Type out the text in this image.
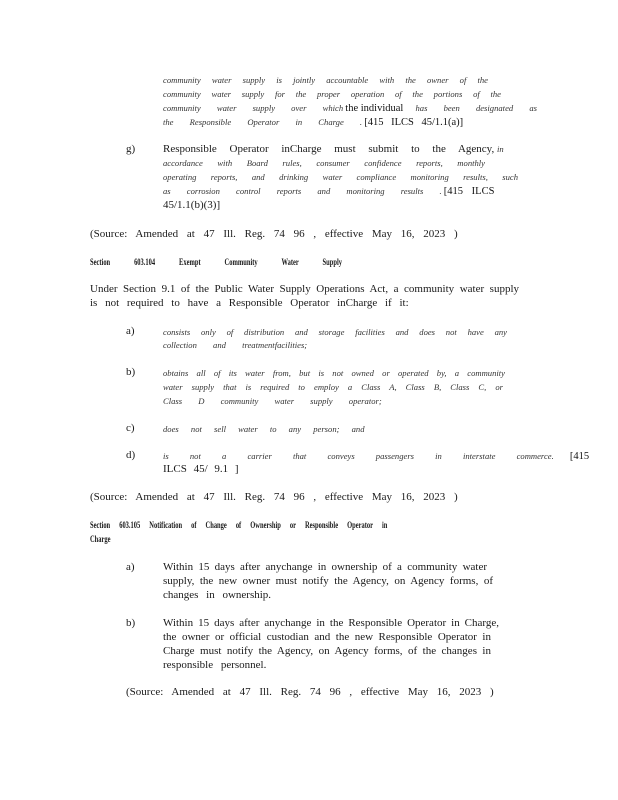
community water supply is jointly accountable with the owner of the

community water supply for the proper operation of the portions of the

community water supply over which the individual has been designated as

the Responsible Operator in Charge . [415 ILCS 45/1.1(a)]

g)	Responsible Operator inCharge must submit to the Agency, in

accordance with Board rules, consumer confidence reports, monthly

operating reports, and drinking water compliance monitoring results, such

as corrosion control reports and monitoring results . [415 ILCS

45/1.1(b)(3)]

(Source: Amended at 47 Ill. Reg. 74 96 , effective May 16, 2023 )

Section 603.104 Exempt Community Water Supply

Under Section 9.1 of the Public Water Supply Operations Act, a community water supply

is not required to have a Responsible Operator inCharge if it:

a)	consists only of distribution and storage facilities and does not have any

collection and treatmentfacilities;

b)	obtains all of its water from, but is not owned or operated by, a community

water supply that is required to employ a Class A, Class B, Class C, or

Class D community water supply operator;

c)	does not sell water to any person; and

d)	is not a carrier that conveys passengers in interstate commerce. [415

ILCS 45/ 9.1 ]

(Source: Amended at 47 Ill. Reg. 74 96 , effective May 16, 2023 )

Section 603.105 Notification of Change of Ownership or Responsible Operator in

Charge

a)	Within 15 days after anychange in ownership of a community water

supply, the new owner must notify the Agency, on Agency forms, of

changes in ownership.

b)	Within 15 days after anychange in the Responsible Operator in Charge,

the owner or official custodian and the new Responsible Operator in

Charge must notify the Agency, on Agency forms, of the changes in

responsible personnel.

(Source: Amended at 47 Ill. Reg. 74 96 , effective May 16, 2023 )
